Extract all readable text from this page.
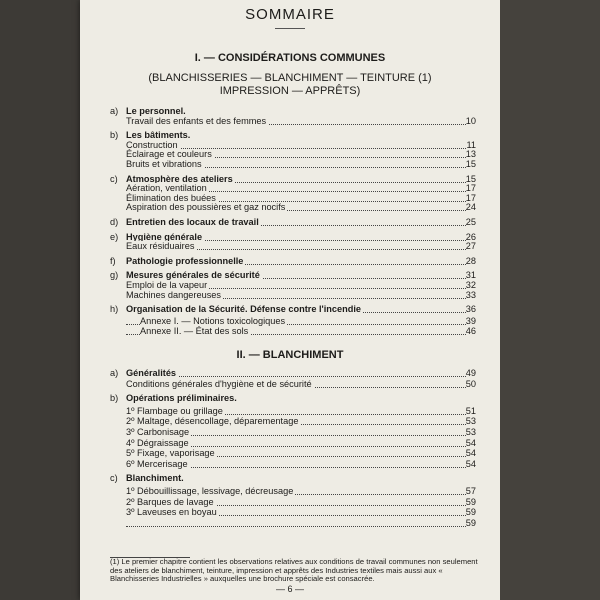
SOMMAIRE
I. — CONSIDÉRATIONS COMMUNES
(BLANCHISSERIES — BLANCHIMENT — TEINTURE (1)
IMPRESSION — APPRÊTS)
a) Le personnel.
Travail des enfants et des femmes	10
b) Les bâtiments.
Construction	11
Éclairage et couleurs	13
Bruits et vibrations	15
c) Atmosphère des ateliers	15
Aération, ventilation	17
Élimination des buées	17
Aspiration des poussières et gaz nocifs	24
d) Entretien des locaux de travail	25
e) Hygiène générale	26
Eaux résiduaires	27
f)	Pathologie professionnelle	28
g) Mesures générales de sécurité	31
Emploi de la vapeur	32
Machines dangereuses	33
h) Organisation de la Sécurité. Défense contre l'incendie	36
Annexe I. — Notions toxicologiques	39
Annexe II. — État des sols	46
II. — BLANCHIMENT
a) Généralités	49
Conditions générales d'hygiène et de sécurité	50
b) Opérations préliminaires.
1º Flambage ou grillage	51
2º Maltage, désencollage, déparementage	53
3º Carbonisage	53
4º Dégraissage	54
5º Fixage, vaporisage	54
6º Mercerisage	54
c) Blanchiment.
1º Débouillissage, lessivage, décreusage	57
2º Barques de lavage	59
3º Laveuses en boyau	59
59
(1) Le premier chapitre contient les observations relatives aux conditions de travail communes non seulement des ateliers de blanchiment, teinture, impression et apprêts des Industries textiles mais aussi aux « Blanchisseries Industrielles » auxquelles une brochure spéciale est consacrée.
— 6 —
